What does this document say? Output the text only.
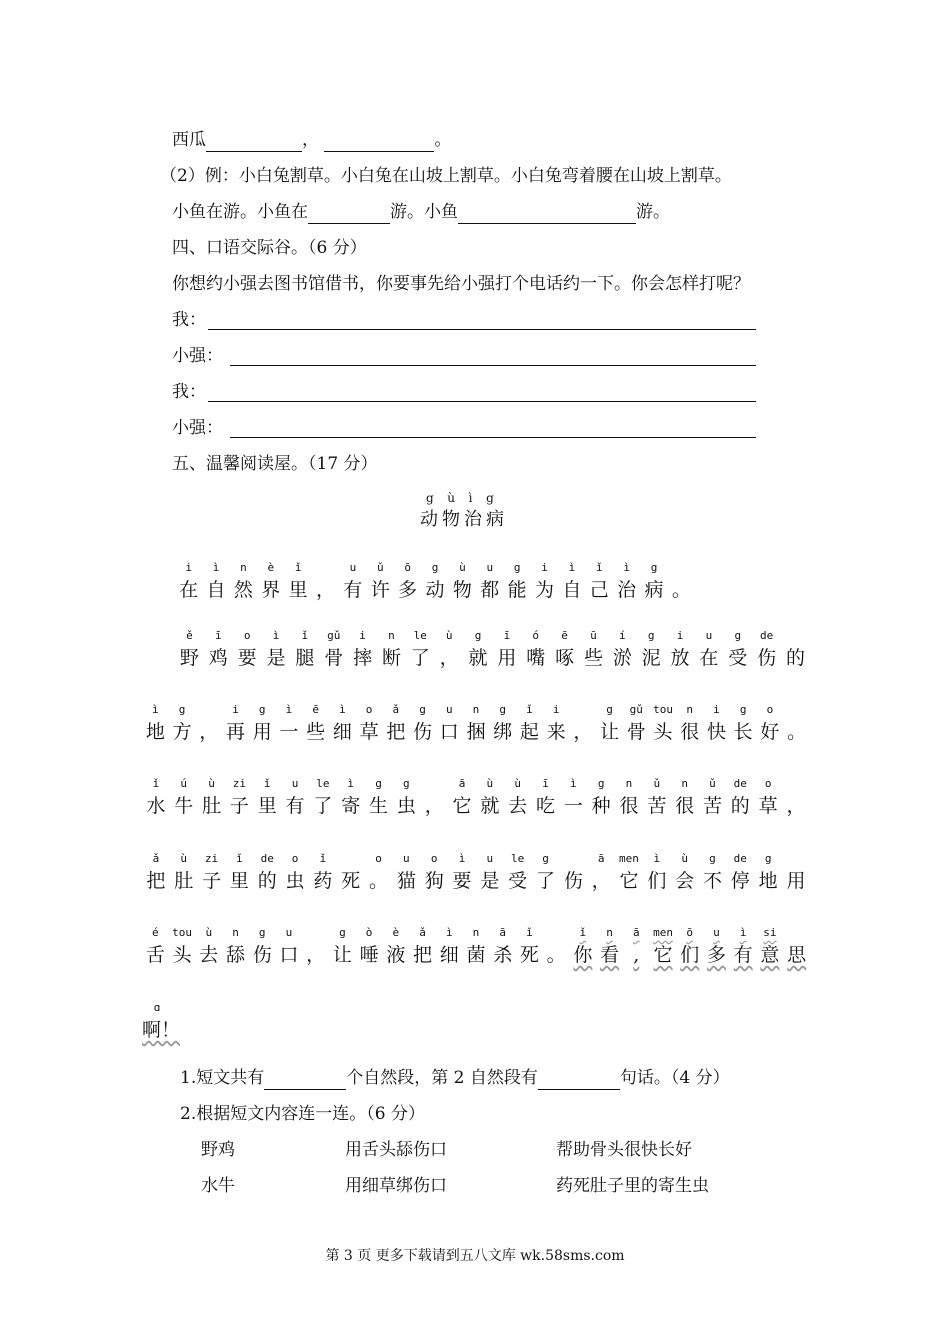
西瓜	，	。
（2）例：小白兔割草。小白兔在山坡上割草。小白兔弯着腰在山坡上割草。
小鱼在游。小鱼在	游。小鱼	游。
四、口语交际谷。（6 分）
你想约小强去图书馆借书，你要事先给小强打个电话约一下。你会怎样打呢？
我：
小强：
我：
小强：
五、温馨阅读屋。（17 分）
g  ù  ì  g
动物治病
i	ì	n	è	ǐ	u	ǔ	ō	g	ù	u	g	i	ì	ǐ	ì	g
在 自 然 界 里 ， 有 许 多 动 物 都 能 为 自 己 治 病 。
ě	ī	o	ì	ǐ	gǔ	i	n	le	ù	g	ī	ó	ē	ū	í	g	i	u	g	de
野 鸡 要 是 腿 骨 摔 断 了 ， 就 用 嘴 啄 些 淤 泥 放 在 受 伤 的
ì	g	i	g	ì	ē	ì	o	ǎ	g	u	n	g	ǐ	i	g	gǔ tou	n	i	g	o
地 方 ， 再 用 一 些 细 草 把 伤 口 捆 绑 起 来 ， 让 骨 头 很 快 长 好 。
ǐ	ú	ù	zi	ǐ	u	le	ì	g	g	ā	ù	ù	ī	ì	g	n	ǔ	n	ǔ	de	o
水 牛 肚 子 里 有 了 寄 生 虫 ， 它 就 去 吃 一 种 很 苦 很 苦 的 草 ，
ǎ	ù	zi	ǐ	de	o	ǐ	o	u	o	ì	u	le	g	ā	men	ì	ù	g	de	g
把 肚 子 里 的 虫 药 死 。 猫 狗 要 是 受 了 伤 ， 它 们 会 不 停 地 用
é	tou	ù	n	g	u	g	ò	è	ǎ	ì	n	ā	ǐ	ǐ	n	ā	men	ō	u	ì	si
舌 头 去 舔 伤 口 ， 让 唾 液 把 细 菌 杀 死 。 你 看 , 它 们 多 有 意 思
ɑ
啊！
1.短文共有	个自然段，第 2 自然段有	句话。（4 分）
2.根据短文内容连一连。（6 分）
野鸡	用舌头舔伤口	帮助骨头很快长好
水牛	用细草绑伤口	药死肚子里的寄生虫
第 3 页 更多下载请到五八文库 wk.58sms.com
